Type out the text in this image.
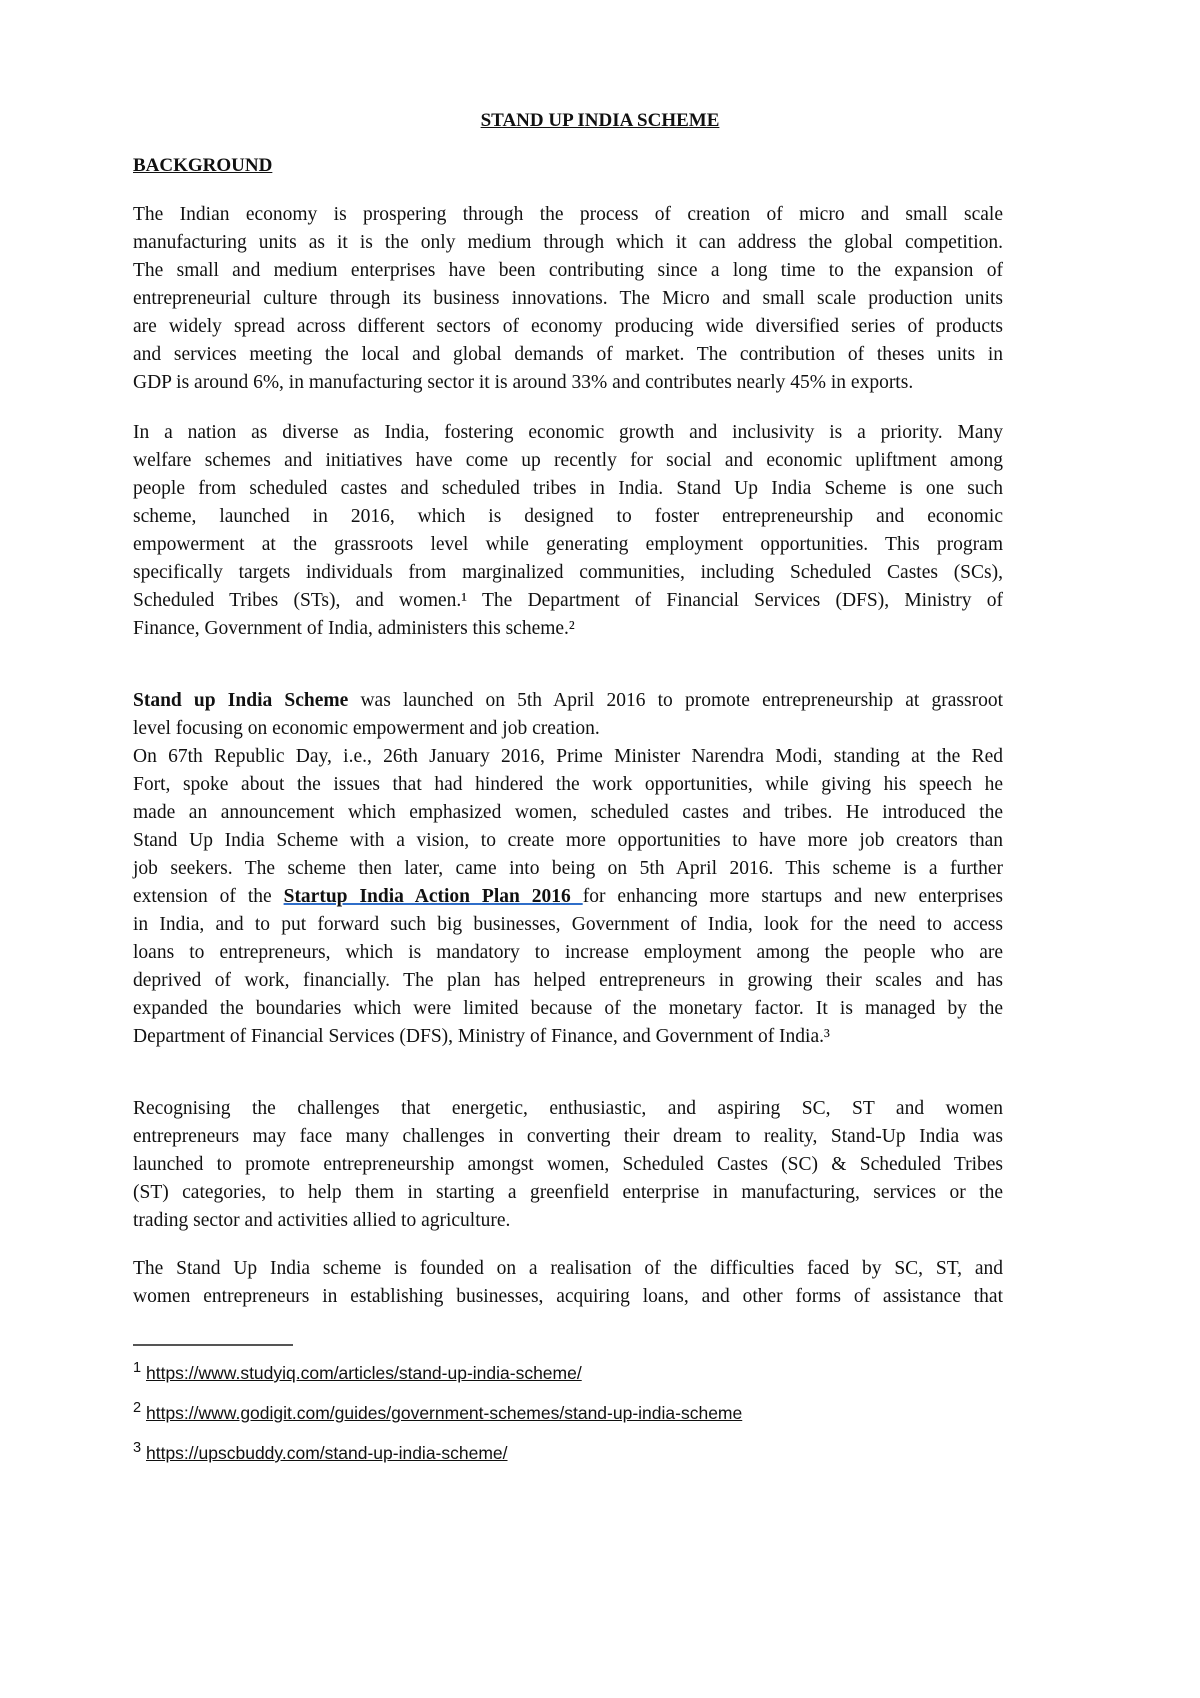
STAND UP INDIA SCHEME
BACKGROUND
The Indian economy is prospering through the process of creation of micro and small scale
manufacturing units as it is the only medium through which it can address the global competition.
The small and medium enterprises have been contributing since a long time to the expansion of
entrepreneurial culture through its business innovations. The Micro and small scale production units
are widely spread across different sectors of economy producing wide diversified series of products
and services meeting the local and global demands of market. The contribution of theses units in
GDP is around 6%, in manufacturing sector it is around 33% and contributes nearly 45% in exports.
In a nation as diverse as India, fostering economic growth and inclusivity is a priority. Many
welfare schemes and initiatives have come up recently for social and economic upliftment among
people from scheduled castes and scheduled tribes in India. Stand Up India Scheme is one such
scheme, launched in 2016, which is designed to foster entrepreneurship and economic
empowerment at the grassroots level while generating employment opportunities. This program
specifically targets individuals from marginalized communities, including Scheduled Castes (SCs),
Scheduled Tribes (STs), and women.¹ The Department of Financial Services (DFS), Ministry of
Finance, Government of India, administers this scheme.²
Stand up India Scheme was launched on 5th April 2016 to promote entrepreneurship at grassroot
level focusing on economic empowerment and job creation.
On 67th Republic Day, i.e., 26th January 2016, Prime Minister Narendra Modi, standing at the Red
Fort, spoke about the issues that had hindered the work opportunities, while giving his speech he
made an announcement which emphasized women, scheduled castes and tribes. He introduced the
Stand Up India Scheme with a vision, to create more opportunities to have more job creators than
job seekers. The scheme then later, came into being on 5th April 2016. This scheme is a further
extension of the Startup India Action Plan 2016 for enhancing more startups and new enterprises
in India, and to put forward such big businesses, Government of India, look for the need to access
loans to entrepreneurs, which is mandatory to increase employment among the people who are
deprived of work, financially. The plan has helped entrepreneurs in growing their scales and has
expanded the boundaries which were limited because of the monetary factor. It is managed by the
Department of Financial Services (DFS), Ministry of Finance, and Government of India.³
Recognising the challenges that energetic, enthusiastic, and aspiring SC, ST and women
entrepreneurs may face many challenges in converting their dream to reality, Stand-Up India was
launched to promote entrepreneurship amongst women, Scheduled Castes (SC) & Scheduled Tribes
(ST) categories, to help them in starting a greenfield enterprise in manufacturing, services or the
trading sector and activities allied to agriculture.
The Stand Up India scheme is founded on a realisation of the difficulties faced by SC, ST, and
women entrepreneurs in establishing businesses, acquiring loans, and other forms of assistance that
$^1$ https://www.studyiq.com/articles/stand-up-india-scheme/
$^2$ https://www.godigit.com/guides/government-schemes/stand-up-india-scheme
$^3$ https://upscbuddy.com/stand-up-india-scheme/
